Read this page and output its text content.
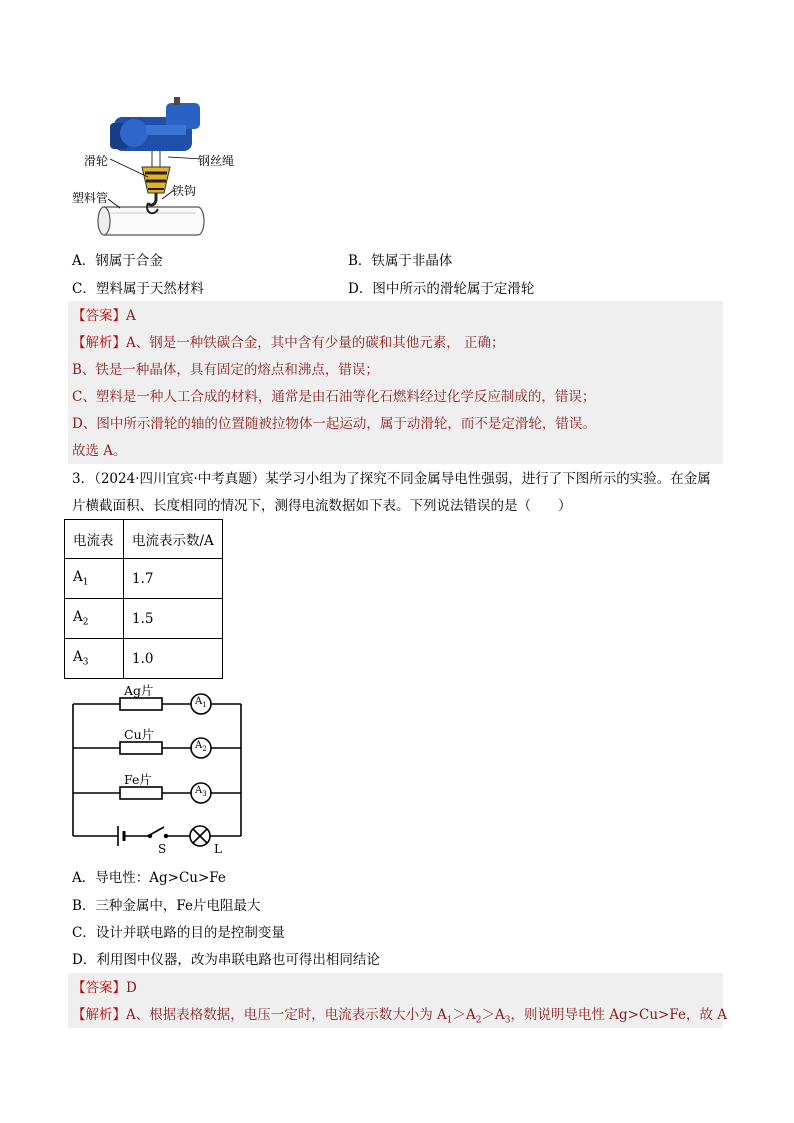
滑轮	钢丝绳
铁钩
塑料管
A．钢属于合金	B．铁属于非晶体
C．塑料属于天然材料	D．图中所示的滑轮属于定滑轮
【答案】A
【解析】A、钢是一种铁碳合金，其中含有少量的碳和其他元素， 正确；
B、铁是一种晶体，具有固定的熔点和沸点，错误；
C、塑料是一种人工合成的材料，通常是由石油等化石燃料经过化学反应制成的，错误；
D、图中所示滑轮的轴的位置随被拉物体一起运动，属于动滑轮，而不是定滑轮，错误。
故选 A。
3．（2024·四川宜宾·中考真题）某学习小组为了探究不同金属导电性强弱，进行了下图所示的实验。在金属
片横截面积、长度相同的情况下，测得电流数据如下表。下列说法错误的是（　　）
电流表	电流表示数/A
$A_1$	1.7
$A_2$	1.5
$A_3$	1.0
Ag片
Cu片
Fe片
$A_1$
$A_2$
$A_3$
S	L
A．导电性：Ag>Cu>Fe
B．三种金属中，Fe片电阻最大
C．设计并联电路的目的是控制变量
D．利用图中仪器，改为串联电路也可得出相同结论
【答案】D
【解析】A、根据表格数据，电压一定时，电流表示数大小为 $A_1>A_2>A_3$，则说明导电性 Ag>Cu>Fe，故 A
